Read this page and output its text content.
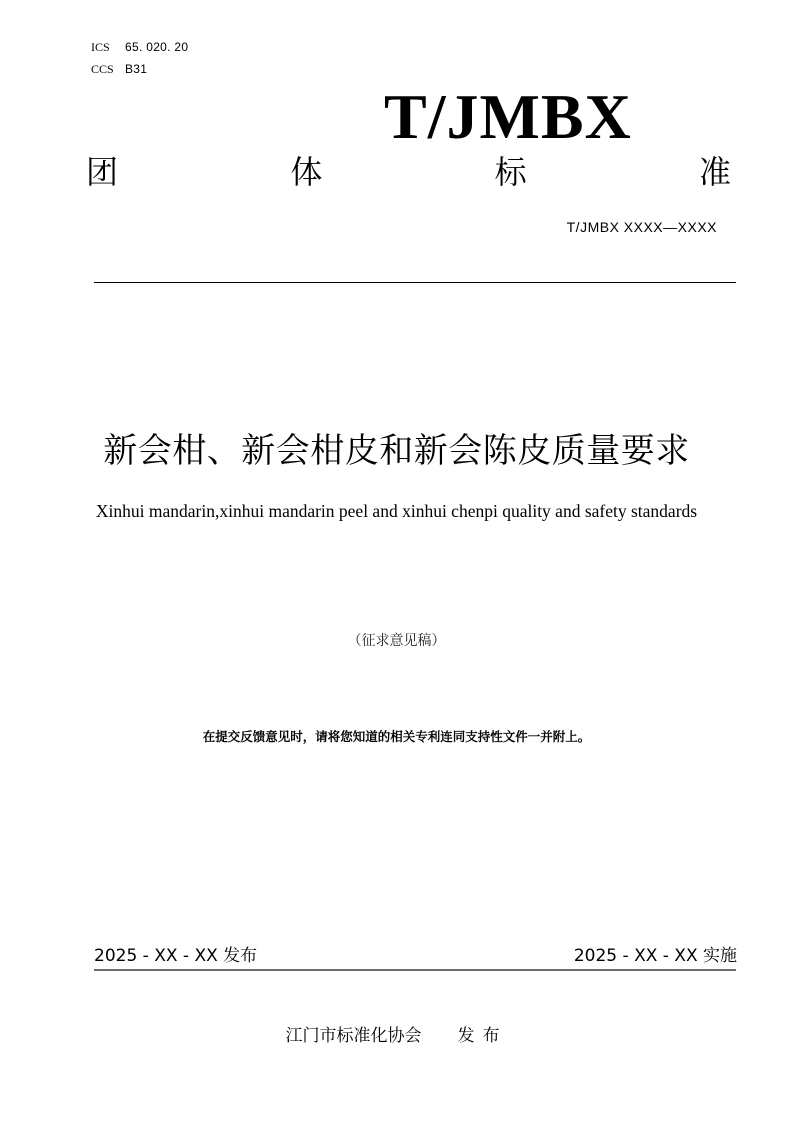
ICS 65. 020. 20
CCS B31
T/JMBX
团	体	标	准
T/JMBX XXXX—XXXX
新会柑、新会柑皮和新会陈皮质量要求
Xinhui mandarin,xinhui mandarin peel and xinhui chenpi quality and safety standards
（征求意见稿）
在提交反馈意见时，请将您知道的相关专利连同支持性文件一并附上。
2025 - XX - XX 发布	2025 - XX - XX 实施
江门市标准化协会 发布
